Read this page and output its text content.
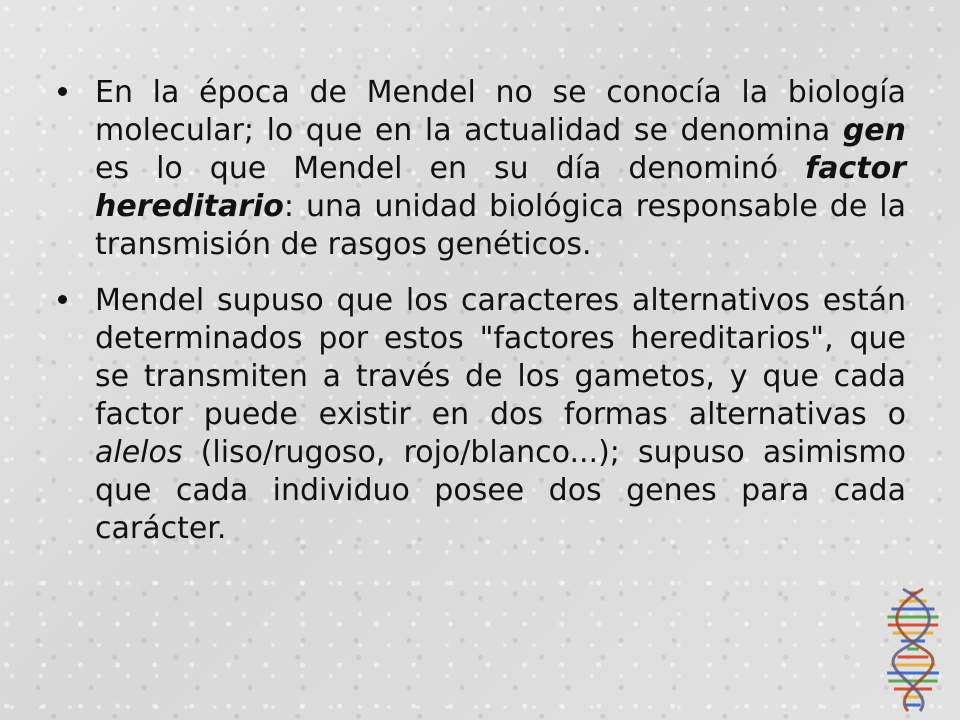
En la época de Mendel no se conocía la biología molecular; lo que en la actualidad se denomina gen es lo que Mendel en su día denominó factor hereditario: una unidad biológica responsable de la transmisión de rasgos genéticos.
Mendel supuso que los caracteres alternativos están determinados por estos "factores hereditarios", que se transmiten a través de los gametos, y que cada factor puede existir en dos formas alternativas o alelos (liso/rugoso, rojo/blanco...); supuso asimismo que cada individuo posee dos genes para cada carácter.
